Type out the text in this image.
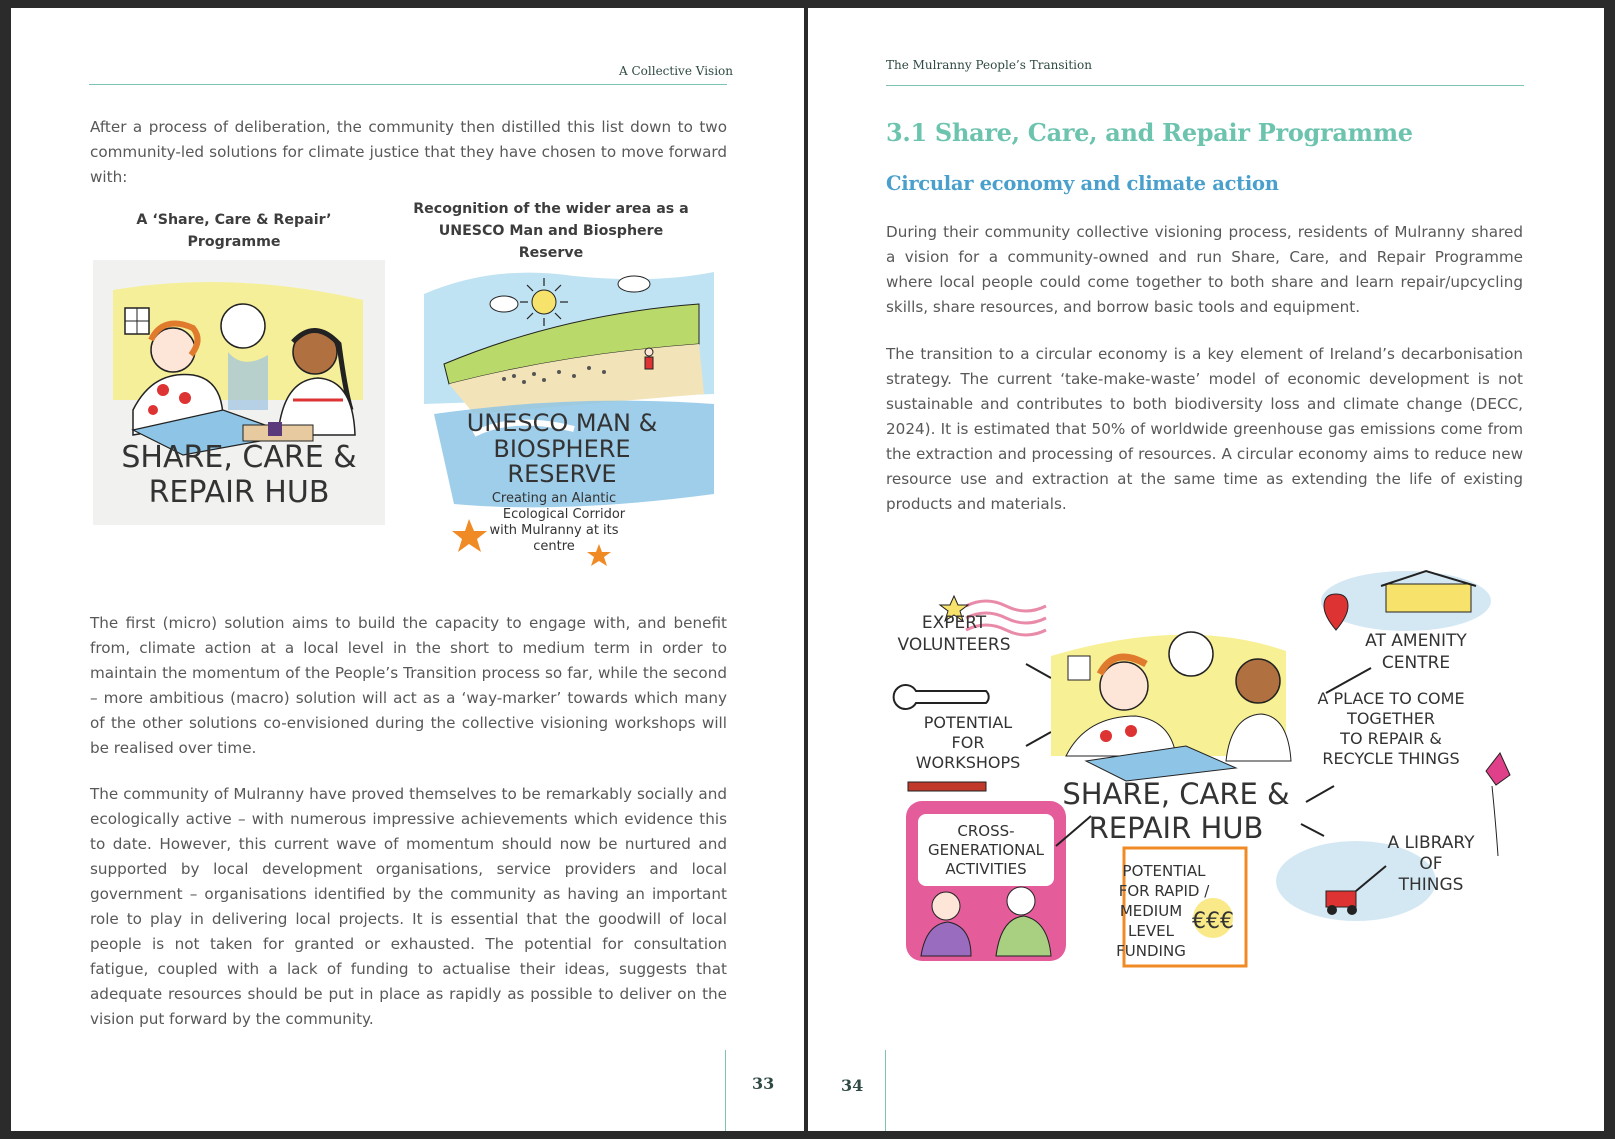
A Collective Vision

After a process of deliberation, the community then distilled this list down to two community-led solutions for climate justice that they have chosen to move forward with:

A ‘Share, Care & Repair’ Programme

Recognition of the wider area as a
UNESCO Man and Biosphere Reserve
SHARE, CARE &
REPAIR HUB
UNESCO MAN &
BIOSPHERE
RESERVE
Creating an Alantic
Ecological Corridor
with Mulranny at its
centre

The first (micro) solution aims to build the capacity to engage with, and benefit from, climate action at a local level in the short to medium term in order to maintain the momentum of the People’s Transition process so far, while the second – more ambitious (macro) solution will act as a ‘way-marker’ towards which many of the other solutions co-envisioned during the collective visioning workshops will be realised over time.

The community of Mulranny have proved themselves to be remarkably socially and ecologically active – with numerous impressive achievements which evidence this to date. However, this current wave of momentum should now be nurtured and supported by local development organisations, service providers and local government – organisations identified by the community as having an important role to play in delivering local projects. It is essential that the goodwill of local people is not taken for granted or exhausted. The potential for consultation fatigue, coupled with a lack of funding to actualise their ideas, suggests that adequate resources should be put in place as rapidly as possible to deliver on the vision put forward by the community.

33
The Mulranny People’s Transition
3.1 Share, Care, and Repair Programme
Circular economy and climate action

During their community collective visioning process, residents of Mulranny shared a vision for a community-owned and run Share, Care, and Repair Programme where local people could come together to both share and learn repair/upcycling skills, share resources, and borrow basic tools and equipment.

The transition to a circular economy is a key element of Ireland’s decarbonisation strategy. The current ‘take-make-waste’ model of economic development is not sustainable and contributes to both biodiversity loss and climate change (DECC, 2024). It is estimated that 50% of worldwide greenhouse gas emissions come from the extraction and processing of resources. A circular economy aims to reduce new resource use and extraction at the same time as extending the life of existing products and materials.

EXPERT
VOLUNTEERS	AT AMENITY
CENTRE
POTENTIAL
FOR
WORKSHOPS
SHARE, CARE &
REPAIR HUB
A PLACE TO COME
TOGETHER
TO REPAIR &
RECYCLE THINGS
CROSS-
GENERATIONAL
ACTIVITIES	POTENTIAL
FOR RAPID /
MEDIUM
LEVEL
FUNDING
€€€
A LIBRARY
OF
THINGS
34
